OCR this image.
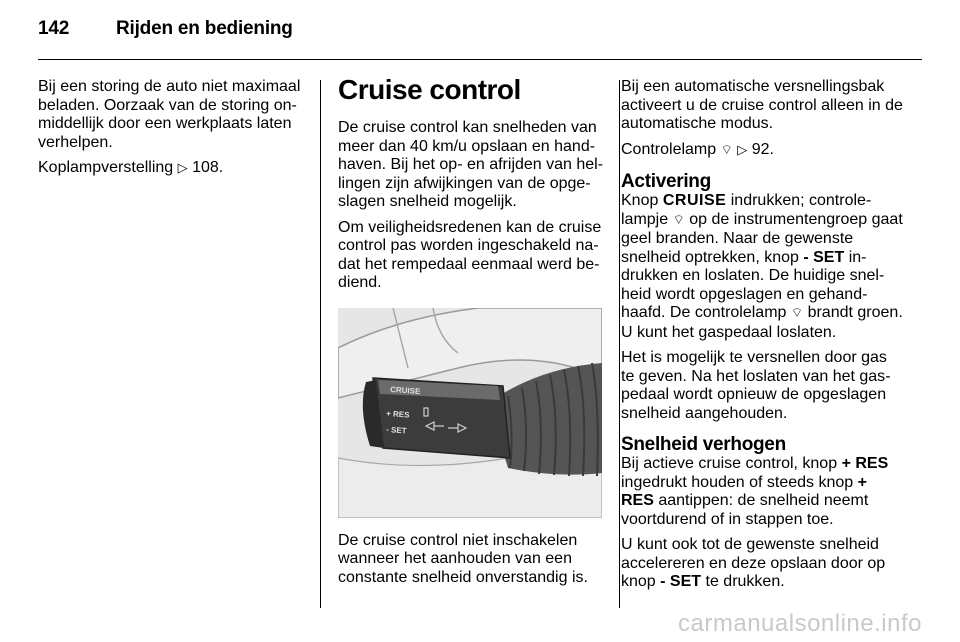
142 Rijden en bediening

Bij een storing de auto niet maximaal beladen. Oorzaak van de storing onmiddellijk door een werkplaats laten verhelpen.

Koplampverstelling ▷ 108.

Cruise control

De cruise control kan snelheden van meer dan 40 km/u opslaan en handhaven. Bij het op- en afrijden van hellingen zijn afwijkingen van de opgeslagen snelheid mogelijk.

Om veiligheidsredenen kan de cruise control pas worden ingeschakeld nadat het rempedaal eenmaal werd bediend.

CRUISE
+ RES
- SET

De cruise control niet inschakelen wanneer het aanhouden van een constante snelheid onverstandig is.

Bij een automatische versnellingsbak activeert u de cruise control alleen in de automatische modus.

Controlelamp ⌔ ▷ 92.

Activering

Knop CRUISE indrukken; controlelampje ⌔ op de instrumentengroep gaat geel branden. Naar de gewenste snelheid optrekken, knop - SET indrukken en loslaten. De huidige snelheid wordt opgeslagen en gehandhaafd. De controlelamp ⌔ brandt groen. U kunt het gaspedaal loslaten.

Het is mogelijk te versnellen door gas te geven. Na het loslaten van het gaspedaal wordt opnieuw de opgeslagen snelheid aangehouden.

Snelheid verhogen

Bij actieve cruise control, knop + RES ingedrukt houden of steeds knop + RES aantippen: de snelheid neemt voortdurend of in stappen toe.

U kunt ook tot de gewenste snelheid accelereren en deze opslaan door op knop - SET te drukken.

carmanualsonline.info
